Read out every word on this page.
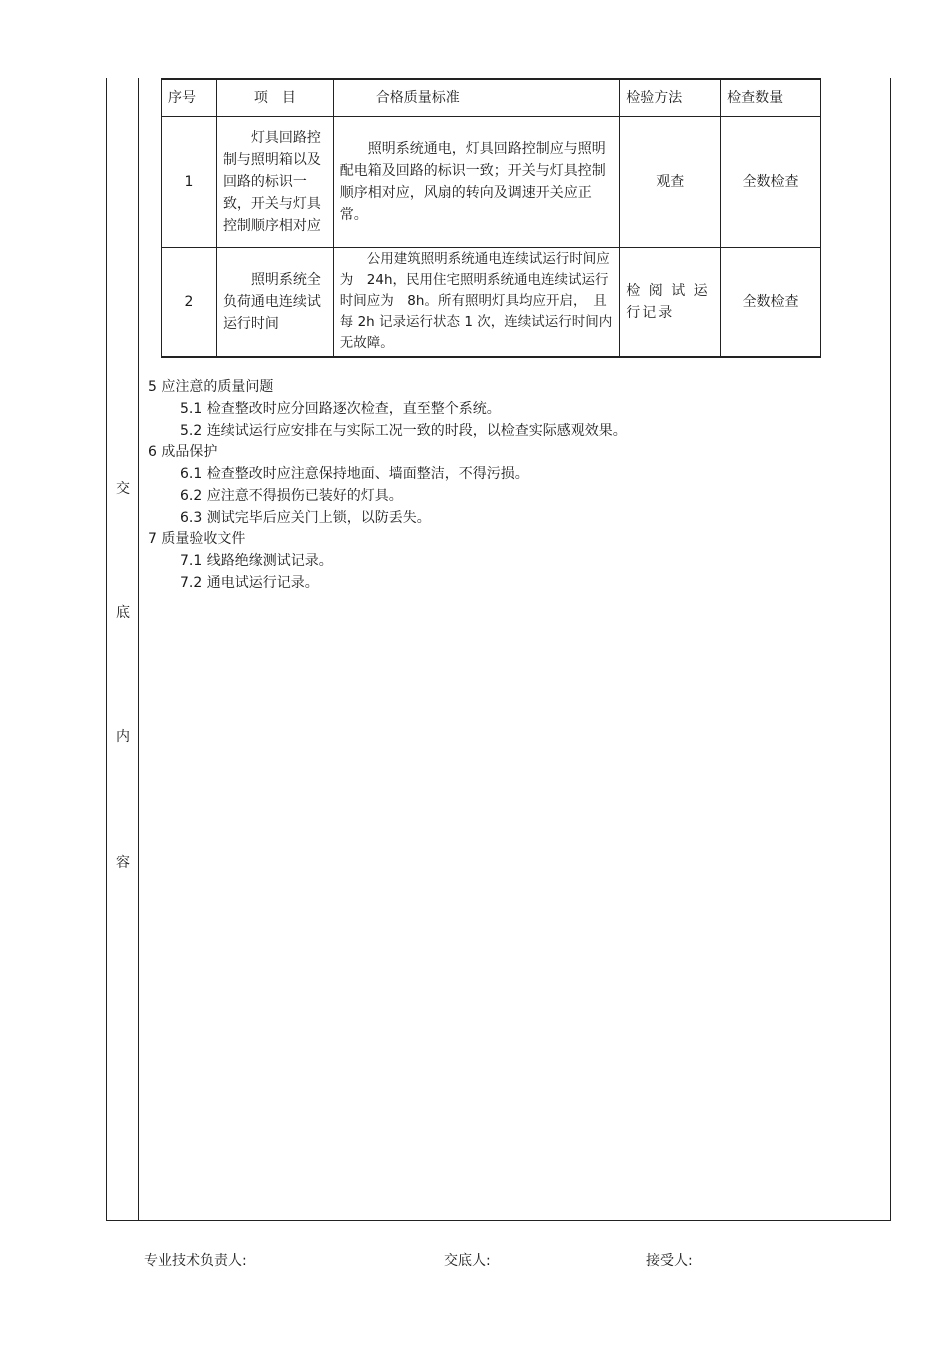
交
底
内
容
序号	项　目	合格质量标准	检验方法	检查数量
1	灯具回路控制与照明箱以及回路的标识一致，开关与灯具控制顺序相对应	照明系统通电，灯具回路控制应与照明配电箱及回路的标识一致；开关与灯具控制顺序相对应，风扇的转向及调速开关应正常。	观查	全数检查
2	照明系统全负荷通电连续试运行时间	公用建筑照明系统通电连续试运行时间应为　24h，民用住宅照明系统通电连续试运行时间应为　8h。所有照明灯具均应开启，　且每 2h 记录运行状态 1 次，连续试运行时间内无故障。	检 阅 试 运 行记录	全数检查
5 应注意的质量问题
5.1 检查整改时应分回路逐次检查，直至整个系统。
5.2 连续试运行应安排在与实际工况一致的时段，以检查实际感观效果。
6 成品保护
6.1 检查整改时应注意保持地面、墙面整洁，不得污损。
6.2 应注意不得损伤已装好的灯具。
6.3 测试完毕后应关门上锁，以防丢失。
7 质量验收文件
7.1 线路绝缘测试记录。
7.2 通电试运行记录。
专业技术负责人:	交底人:	接受人:
